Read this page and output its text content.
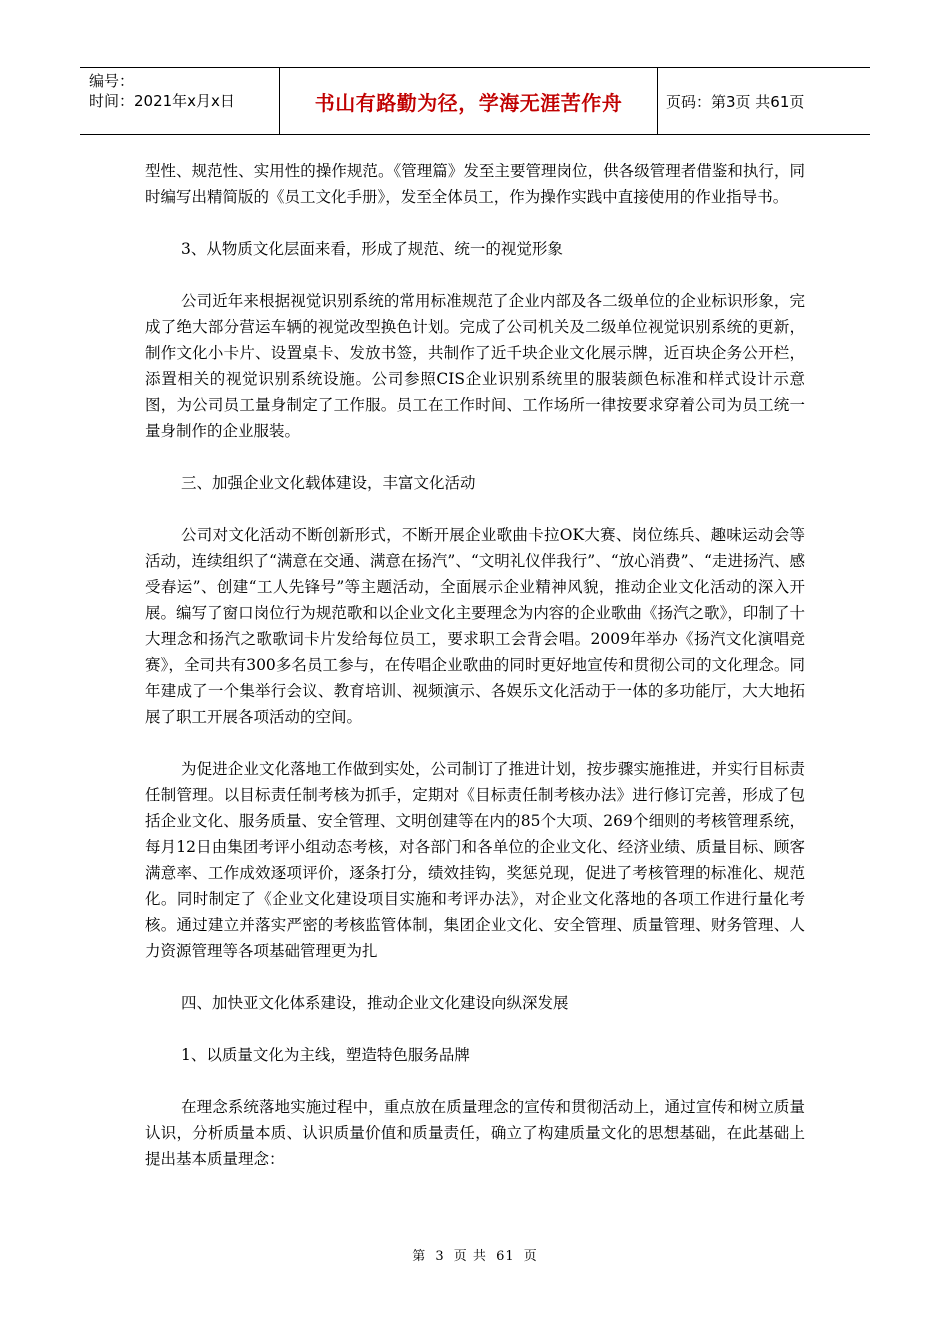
编号：
时间：2021年x月x日	书山有路勤为径，学海无涯苦作舟	页码：第3页 共61页

型性、规范性、实用性的操作规范。《管理篇》发至主要管理岗位，供各级管理者借鉴和执行，同时编写出精简版的《员工文化手册》，发至全体员工，作为操作实践中直接使用的作业指导书。

3、从物质文化层面来看，形成了规范、统一的视觉形象

公司近年来根据视觉识别系统的常用标准规范了企业内部及各二级单位的企业标识形象，完成了绝大部分营运车辆的视觉改型换色计划。完成了公司机关及二级单位视觉识别系统的更新，制作文化小卡片、设置桌卡、发放书签，共制作了近千块企业文化展示牌，近百块企务公开栏，添置相关的视觉识别系统设施。公司参照CIS企业识别系统里的服装颜色标准和样式设计示意图，为公司员工量身制定了工作服。员工在工作时间、工作场所一律按要求穿着公司为员工统一量身制作的企业服装。

三、加强企业文化载体建设，丰富文化活动

公司对文化活动不断创新形式，不断开展企业歌曲卡拉OK大赛、岗位练兵、趣味运动会等活动，连续组织了“满意在交通、满意在扬汽”、“文明礼仪伴我行”、“放心消费”、“走进扬汽、感受春运”、创建“工人先锋号”等主题活动，全面展示企业精神风貌，推动企业文化活动的深入开展。编写了窗口岗位行为规范歌和以企业文化主要理念为内容的企业歌曲《扬汽之歌》，印制了十大理念和扬汽之歌歌词卡片发给每位员工，要求职工会背会唱。2009年举办《扬汽文化演唱竞赛》，全司共有300多名员工参与，在传唱企业歌曲的同时更好地宣传和贯彻公司的文化理念。同年建成了一个集举行会议、教育培训、视频演示、各娱乐文化活动于一体的多功能厅，大大地拓展了职工开展各项活动的空间。

为促进企业文化落地工作做到实处，公司制订了推进计划，按步骤实施推进，并实行目标责任制管理。以目标责任制考核为抓手，定期对《目标责任制考核办法》进行修订完善，形成了包括企业文化、服务质量、安全管理、文明创建等在内的85个大项、269个细则的考核管理系统，每月12日由集团考评小组动态考核，对各部门和各单位的企业文化、经济业绩、质量目标、顾客满意率、工作成效逐项评价，逐条打分，绩效挂钩，奖惩兑现，促进了考核管理的标准化、规范化。同时制定了《企业文化建设项目实施和考评办法》，对企业文化落地的各项工作进行量化考核。通过建立并落实严密的考核监管体制，集团企业文化、安全管理、质量管理、财务管理、人力资源管理等各项基础管理更为扎

四、加快亚文化体系建设，推动企业文化建设向纵深发展

1、以质量文化为主线，塑造特色服务品牌

在理念系统落地实施过程中，重点放在质量理念的宣传和贯彻活动上，通过宣传和树立质量认识，分析质量本质、认识质量价值和质量责任，确立了构建质量文化的思想基础，在此基础上提出基本质量理念：

第 3 页 共 61 页
